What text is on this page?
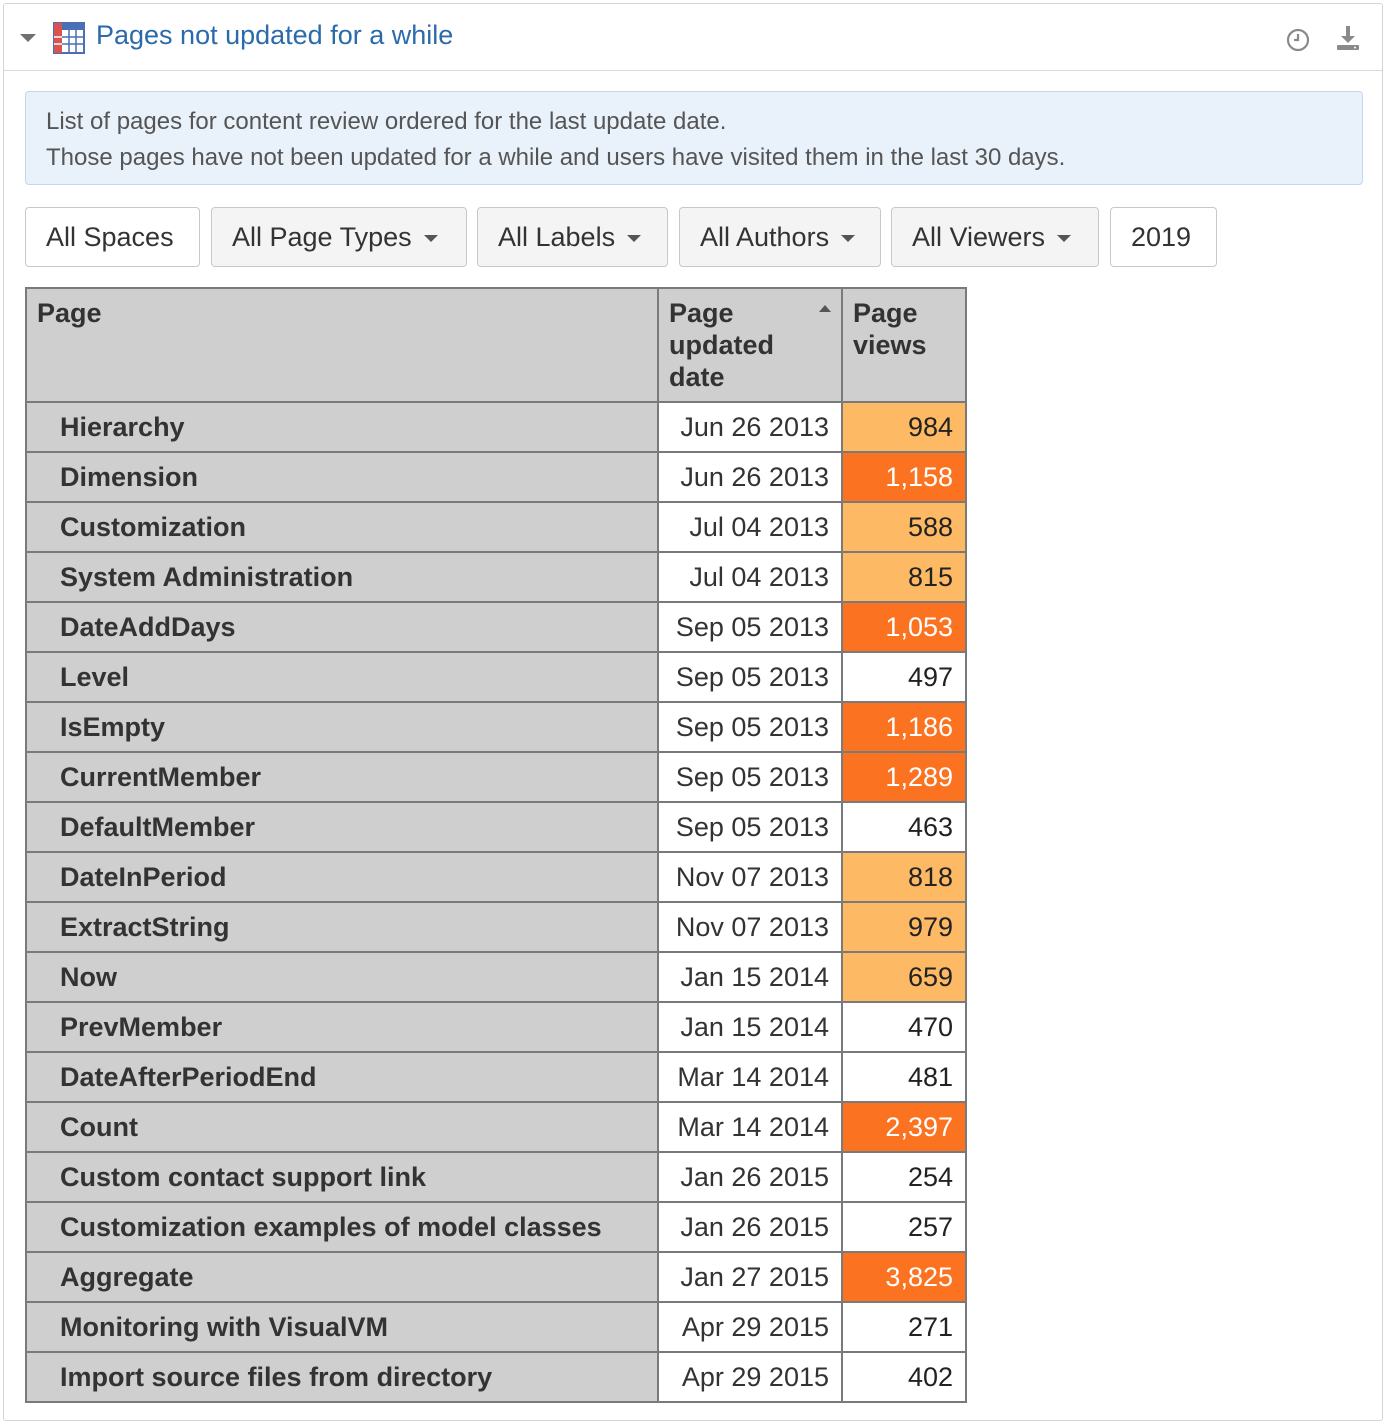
Pages not updated for a while
List of pages for content review ordered for the last update date.
Those pages have not been updated for a while and users have visited them in the last 30 days.
All Spaces	All Page Types	All Labels	All Authors	All Viewers	2019
Page	Page updated date	Page views
Hierarchy	Jun 26 2013	984
Dimension	Jun 26 2013	1,158
Customization	Jul 04 2013	588
System Administration	Jul 04 2013	815
DateAddDays	Sep 05 2013	1,053
Level	Sep 05 2013	497
IsEmpty	Sep 05 2013	1,186
CurrentMember	Sep 05 2013	1,289
DefaultMember	Sep 05 2013	463
DateInPeriod	Nov 07 2013	818
ExtractString	Nov 07 2013	979
Now	Jan 15 2014	659
PrevMember	Jan 15 2014	470
DateAfterPeriodEnd	Mar 14 2014	481
Count	Mar 14 2014	2,397
Custom contact support link	Jan 26 2015	254
Customization examples of model classes	Jan 26 2015	257
Aggregate	Jan 27 2015	3,825
Monitoring with VisualVM	Apr 29 2015	271
Import source files from directory	Apr 29 2015	402
